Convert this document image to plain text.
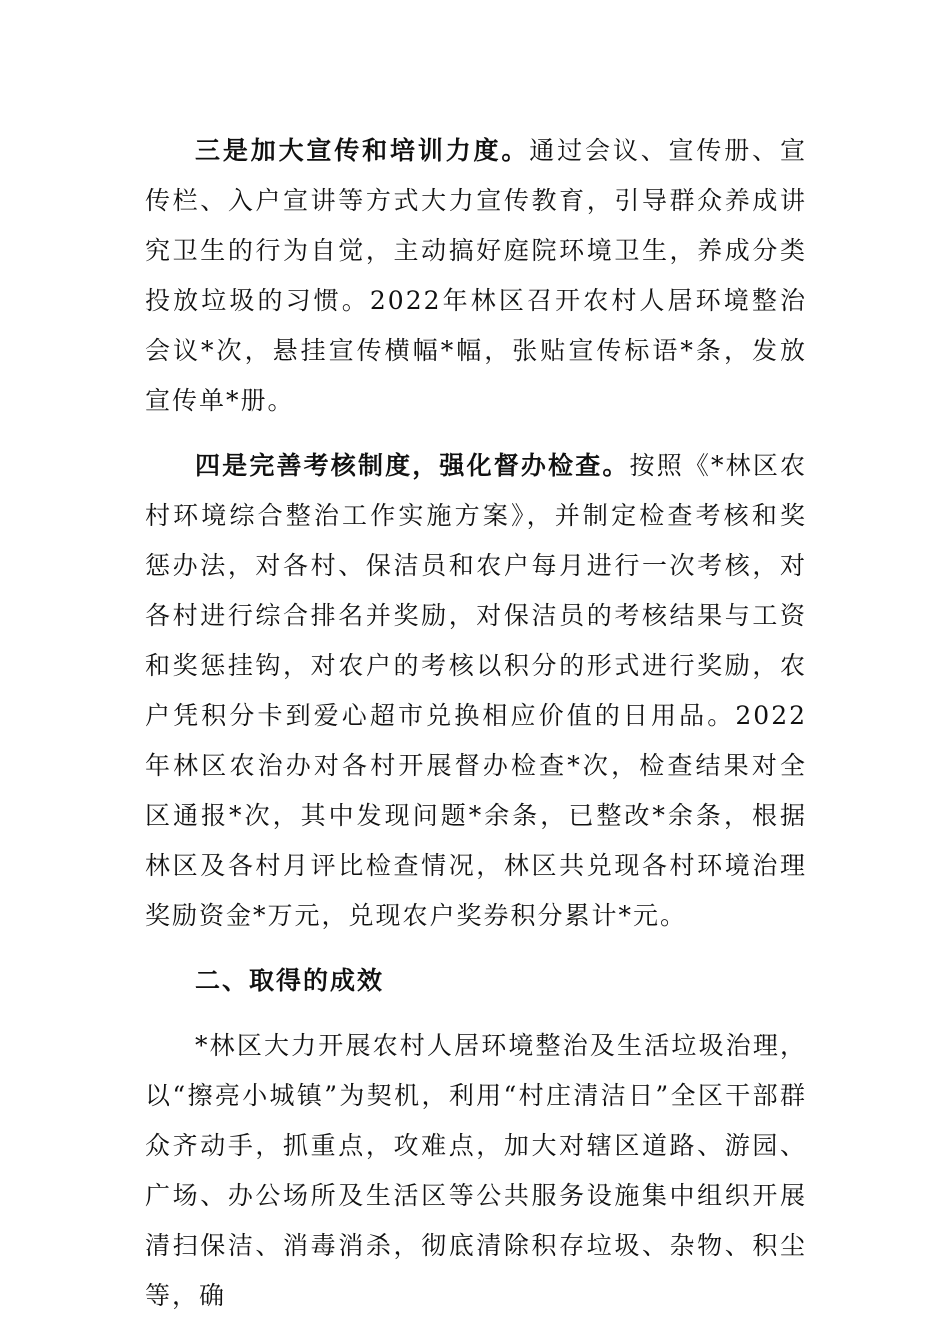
三是加大宣传和培训力度。通过会议、宣传册、宣传栏、入户宣讲等方式大力宣传教育，引导群众养成讲究卫生的行为自觉，主动搞好庭院环境卫生，养成分类投放垃圾的习惯。2022年林区召开农村人居环境整治会议*次，悬挂宣传横幅*幅，张贴宣传标语*条，发放宣传单*册。

四是完善考核制度，强化督办检查。按照《*林区农村环境综合整治工作实施方案》，并制定检查考核和奖惩办法，对各村、保洁员和农户每月进行一次考核，对各村进行综合排名并奖励，对保洁员的考核结果与工资和奖惩挂钩，对农户的考核以积分的形式进行奖励，农户凭积分卡到爱心超市兑换相应价值的日用品。2022年林区农治办对各村开展督办检查*次，检查结果对全区通报*次，其中发现问题*余条，已整改*余条，根据林区及各村月评比检查情况，林区共兑现各村环境治理奖励资金*万元，兑现农户奖券积分累计*元。

二、取得的成效

*林区大力开展农村人居环境整治及生活垃圾治理，以“擦亮小城镇”为契机，利用“村庄清洁日”全区干部群众齐动手，抓重点，攻难点，加大对辖区道路、游园、广场、办公场所及生活区等公共服务设施集中组织开展清扫保洁、消毒消杀，彻底清除积存垃圾、杂物、积尘等，确
